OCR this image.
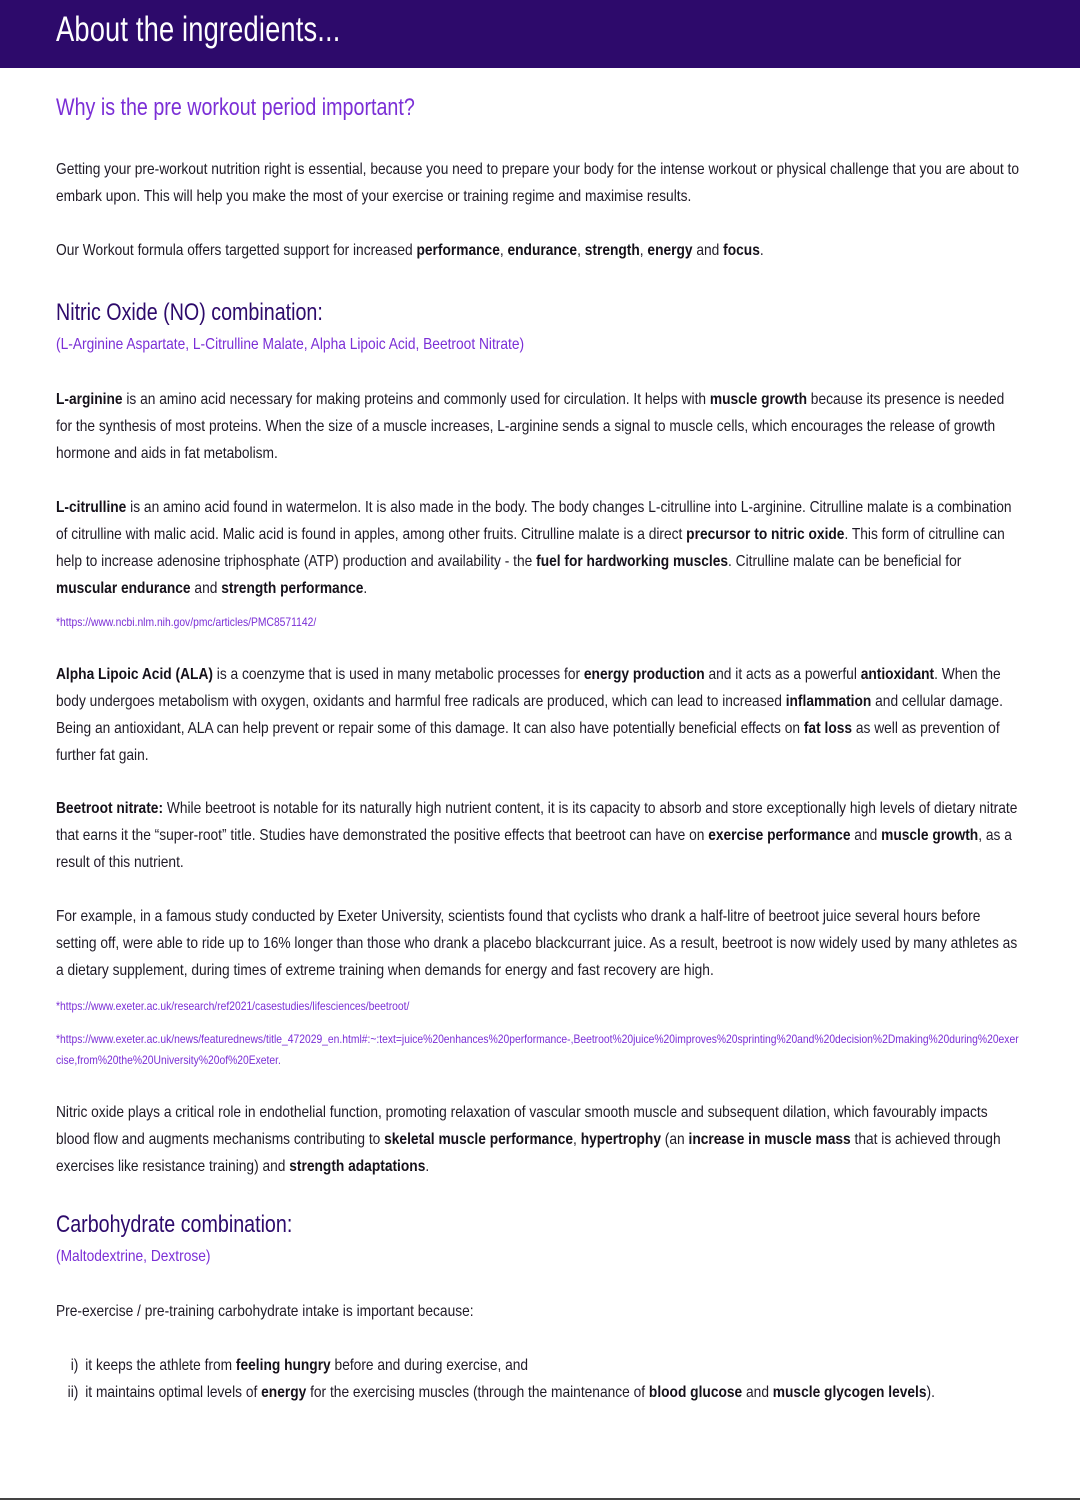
About the ingredients...
Why is the pre workout period important?
Getting your pre-workout nutrition right is essential, because you need to prepare your body for the intense workout or physical challenge that you are about to embark upon. This will help you make the most of your exercise or training regime and maximise results.
Our Workout formula offers targetted support for increased performance, endurance, strength, energy and focus.
Nitric Oxide (NO) combination:
(L-Arginine Aspartate, L-Citrulline Malate, Alpha Lipoic Acid, Beetroot Nitrate)
L-arginine is an amino acid necessary for making proteins and commonly used for circulation. It helps with muscle growth because its presence is needed for the synthesis of most proteins. When the size of a muscle increases, L-arginine sends a signal to muscle cells, which encourages the release of growth hormone and aids in fat metabolism.
L-citrulline is an amino acid found in watermelon. It is also made in the body. The body changes L-citrulline into L-arginine. Citrulline malate is a combination of citrulline with malic acid. Malic acid is found in apples, among other fruits. Citrulline malate is a direct precursor to nitric oxide. This form of citrulline can help to increase adenosine triphosphate (ATP) production and availability - the fuel for hardworking muscles. Citrulline malate can be beneficial for muscular endurance and strength performance.
*https://www.ncbi.nlm.nih.gov/pmc/articles/PMC8571142/
Alpha Lipoic Acid (ALA) is a coenzyme that is used in many metabolic processes for energy production and it acts as a powerful antioxidant. When the body undergoes metabolism with oxygen, oxidants and harmful free radicals are produced, which can lead to increased inflammation and cellular damage. Being an antioxidant, ALA can help prevent or repair some of this damage. It can also have potentially beneficial effects on fat loss as well as prevention of further fat gain.
Beetroot nitrate: While beetroot is notable for its naturally high nutrient content, it is its capacity to absorb and store exceptionally high levels of dietary nitrate that earns it the “super-root” title. Studies have demonstrated the positive effects that beetroot can have on exercise performance and muscle growth, as a result of this nutrient.
For example, in a famous study conducted by Exeter University, scientists found that cyclists who drank a half-litre of beetroot juice several hours before setting off, were able to ride up to 16% longer than those who drank a placebo blackcurrant juice. As a result, beetroot is now widely used by many athletes as a dietary supplement, during times of extreme training when demands for energy and fast recovery are high.
*https://www.exeter.ac.uk/research/ref2021/casestudies/lifesciences/beetroot/
*https://www.exeter.ac.uk/news/featurednews/title_472029_en.html#:~:text=juice%20enhances%20performance-,Beetroot%20juice%20improves%20sprinting%20and%20decision%2Dmaking%20during%20exercise,from%20the%20University%20of%20Exeter.
Nitric oxide plays a critical role in endothelial function, promoting relaxation of vascular smooth muscle and subsequent dilation, which favourably impacts blood flow and augments mechanisms contributing to skeletal muscle performance, hypertrophy (an increase in muscle mass that is achieved through exercises like resistance training) and strength adaptations.
Carbohydrate combination:
(Maltodextrine, Dextrose)
Pre-exercise / pre-training carbohydrate intake is important because:
i) it keeps the athlete from feeling hungry before and during exercise, and
ii) it maintains optimal levels of energy for the exercising muscles (through the maintenance of blood glucose and muscle glycogen levels).
